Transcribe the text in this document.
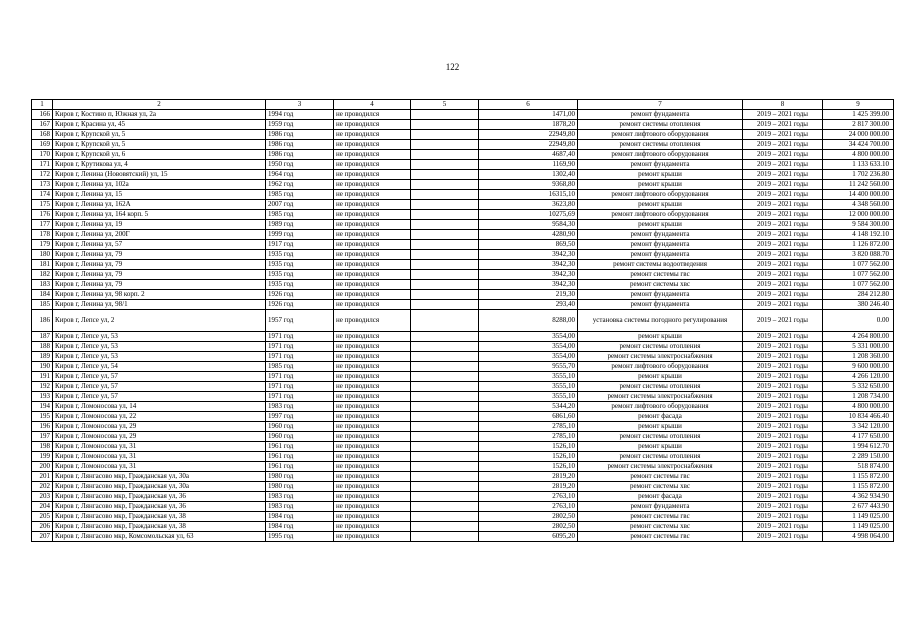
122
1	2	3	4	5	6	7	8	9
166	Киров г, Костино п, Южная ул, 2а	1994 год	не проводился		1471,00	ремонт фундамента	2019 – 2021 годы	1 425 399.00
167	Киров г, Красина ул, 45	1959 год	не проводился		1878,20	ремонт системы отопления	2019 – 2021 годы	2 817 300.00
168	Киров г, Крупской ул, 5	1986 год	не проводился		22949,80	ремонт лифтового оборудования	2019 – 2021 годы	24 000 000.00
169	Киров г, Крупской ул, 5	1986 год	не проводился		22949,80	ремонт системы отопления	2019 – 2021 годы	34 424 700.00
170	Киров г, Крупской ул, 6	1986 год	не проводился		4687,40	ремонт лифтового оборудования	2019 – 2021 годы	4 800 000.00
171	Киров г, Крутикова ул, 4	1950 год	не проводился		1169,90	ремонт фундамента	2019 – 2021 годы	1 133 633.10
172	Киров г, Ленина (Нововятский) ул, 15	1964 год	не проводился		1302,40	ремонт крыши	2019 – 2021 годы	1 702 236.80
173	Киров г, Ленина ул, 102а	1962 год	не проводился		9368,80	ремонт крыши	2019 – 2021 годы	11 242 560.00
174	Киров г, Ленина ул, 15	1985 год	не проводился		16315,10	ремонт лифтового оборудования	2019 – 2021 годы	14 400 000.00
175	Киров г, Ленина ул, 162А	2007 год	не проводился		3623,80	ремонт крыши	2019 – 2021 годы	4 348 560.00
176	Киров г, Ленина ул, 164 корп. 5	1985 год	не проводился		10275,69	ремонт лифтового оборудования	2019 – 2021 годы	12 000 000.00
177	Киров г, Ленина ул, 19	1989 год	не проводился		9584,30	ремонт крыши	2019 – 2021 годы	9 584 300.00
178	Киров г, Ленина ул, 200Г	1999 год	не проводился		4280,90	ремонт фундамента	2019 – 2021 годы	4 148 192.10
179	Киров г, Ленина ул, 57	1917 год	не проводился		869,50	ремонт фундамента	2019 – 2021 годы	1 126 872.00
180	Киров г, Ленина ул, 79	1935 год	не проводился		3942,30	ремонт фундамента	2019 – 2021 годы	3 820 088.70
181	Киров г, Ленина ул, 79	1935 год	не проводился		3942,30	ремонт системы водоотведения	2019 – 2021 годы	1 077 562.00
182	Киров г, Ленина ул, 79	1935 год	не проводился		3942,30	ремонт системы гвс	2019 – 2021 годы	1 077 562.00
183	Киров г, Ленина ул, 79	1935 год	не проводился		3942,30	ремонт системы хвс	2019 – 2021 годы	1 077 562.00
184	Киров г, Ленина ул, 98 корп. 2	1926 год	не проводился		219,30	ремонт фундамента	2019 – 2021 годы	284 212.80
185	Киров г, Ленина ул, 98/1	1926 год	не проводился		293,40	ремонт фундамента	2019 – 2021 годы	380 246.40
186	Киров г, Лепсе ул, 2	1957 год	не проводился		8288,00	установка системы погодного регулирования	2019 – 2021 годы	0.00
187	Киров г, Лепсе ул, 53	1971 год	не проводился		3554,00	ремонт крыши	2019 – 2021 годы	4 264 800.00
188	Киров г, Лепсе ул, 53	1971 год	не проводился		3554,00	ремонт системы отопления	2019 – 2021 годы	5 331 000.00
189	Киров г, Лепсе ул, 53	1971 год	не проводился		3554,00	ремонт системы электроснабжения	2019 – 2021 годы	1 208 360.00
190	Киров г, Лепсе ул, 54	1985 год	не проводился		9555,70	ремонт лифтового оборудования	2019 – 2021 годы	9 600 000.00
191	Киров г, Лепсе ул, 57	1971 год	не проводился		3555,10	ремонт крыши	2019 – 2021 годы	4 266 120.00
192	Киров г, Лепсе ул, 57	1971 год	не проводился		3555,10	ремонт системы отопления	2019 – 2021 годы	5 332 650.00
193	Киров г, Лепсе ул, 57	1971 год	не проводился		3555,10	ремонт системы электроснабжения	2019 – 2021 годы	1 208 734.00
194	Киров г, Ломоносова ул, 14	1983 год	не проводился		5344,20	ремонт лифтового оборудования	2019 – 2021 годы	4 800 000.00
195	Киров г, Ломоносова ул, 22	1997 год	не проводился		6861,60	ремонт фасада	2019 – 2021 годы	10 834 466.40
196	Киров г, Ломоносова ул, 29	1960 год	не проводился		2785,10	ремонт крыши	2019 – 2021 годы	3 342 120.00
197	Киров г, Ломоносова ул, 29	1960 год	не проводился		2785,10	ремонт системы отопления	2019 – 2021 годы	4 177 650.00
198	Киров г, Ломоносова ул, 31	1961 год	не проводился		1526,10	ремонт крыши	2019 – 2021 годы	1 994 612.70
199	Киров г, Ломоносова ул, 31	1961 год	не проводился		1526,10	ремонт системы отопления	2019 – 2021 годы	2 289 150.00
200	Киров г, Ломоносова ул, 31	1961 год	не проводился		1526,10	ремонт системы электроснабжения	2019 – 2021 годы	518 874.00
201	Киров г, Лянгасово мкр, Гражданская ул, 30а	1980 год	не проводился		2819,20	ремонт системы гвс	2019 – 2021 годы	1 155 872.00
202	Киров г, Лянгасово мкр, Гражданская ул, 30а	1980 год	не проводился		2819,20	ремонт системы хвс	2019 – 2021 годы	1 155 872.00
203	Киров г, Лянгасово мкр, Гражданская ул, 36	1983 год	не проводился		2763,10	ремонт фасада	2019 – 2021 годы	4 362 934.90
204	Киров г, Лянгасово мкр, Гражданская ул, 36	1983 год	не проводился		2763,10	ремонт фундамента	2019 – 2021 годы	2 677 443.90
205	Киров г, Лянгасово мкр, Гражданская ул, 38	1984 год	не проводился		2802,50	ремонт системы гвс	2019 – 2021 годы	1 149 025.00
206	Киров г, Лянгасово мкр, Гражданская ул, 38	1984 год	не проводился		2802,50	ремонт системы хвс	2019 – 2021 годы	1 149 025.00
207	Киров г, Лянгасово мкр, Комсомольская ул, 63	1995 год	не проводился		6095,20	ремонт системы гвс	2019 – 2021 годы	4 998 064.00
